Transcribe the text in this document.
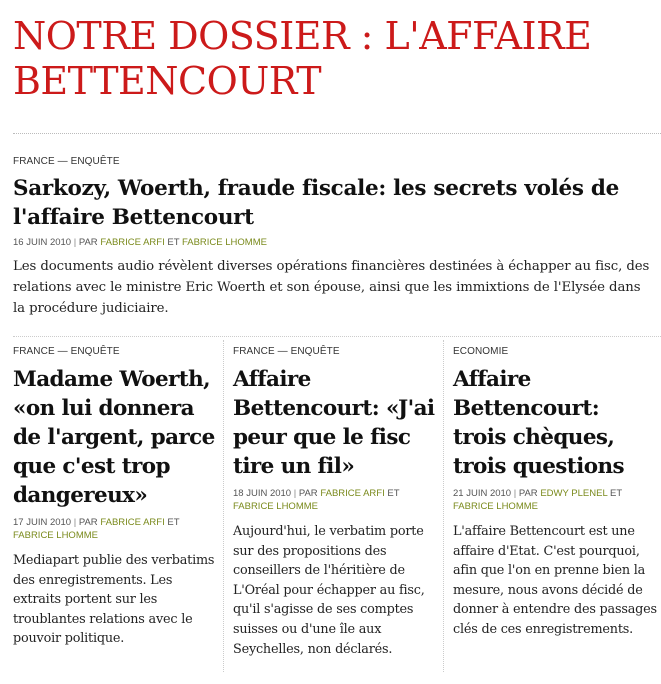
NOTRE DOSSIER : L'AFFAIRE BETTENCOURT
FRANCE — ENQUÊTE
Sarkozy, Woerth, fraude fiscale: les secrets volés de l'affaire Bettencourt
16 JUIN 2010 | PAR FABRICE ARFI ET FABRICE LHOMME

Les documents audio révèlent diverses opérations financières destinées à échapper au fisc, des relations avec le ministre Eric Woerth et son épouse, ainsi que les immixtions de l'Elysée dans la procédure judiciaire.

FRANCE — ENQUÊTE
Madame Woerth, «on lui donnera de l'argent, parce que c'est trop dangereux»
17 JUIN 2010 | PAR FABRICE ARFI ET FABRICE LHOMME

Mediapart publie des verbatims des enregistrements. Les extraits portent sur les troublantes relations avec le pouvoir politique.

FRANCE — ENQUÊTE
Affaire Bettencourt: «J'ai peur que le fisc tire un fil»
18 JUIN 2010 | PAR FABRICE ARFI ET FABRICE LHOMME

Aujourd'hui, le verbatim porte sur des propositions des conseillers de l'héritière de L'Oréal pour échapper au fisc, qu'il s'agisse de ses comptes suisses ou d'une île aux Seychelles, non déclarés.

ECONOMIE
Affaire Bettencourt: trois chèques, trois questions
21 JUIN 2010 | PAR EDWY PLENEL ET FABRICE LHOMME

L'affaire Bettencourt est une affaire d'Etat. C'est pourquoi, afin que l'on en prenne bien la mesure, nous avons décidé de donner à entendre des passages clés de ces enregistrements.
